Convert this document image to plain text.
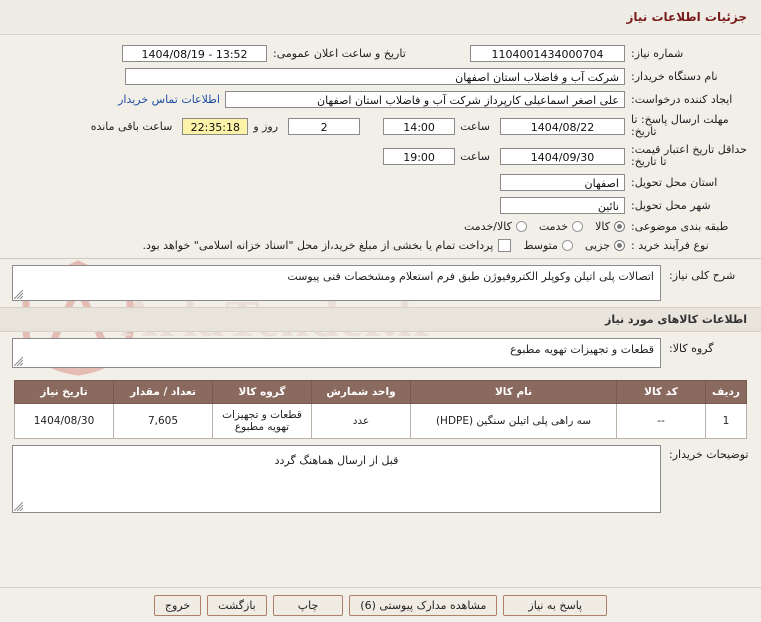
جزئیات اطلاعات نیاز
شماره نیاز:
1104001434000704
تاریخ و ساعت اعلان عمومی:
1404/08/19 - 13:52
نام دستگاه خریدار:
شرکت آب و فاضلاب استان اصفهان
ایجاد کننده درخواست:
علی اصغر اسماعیلی کارپرداز شرکت آب و فاضلاب استان اصفهان
اطلاعات تماس خریدار
مهلت ارسال پاسخ: تا تاریخ:
1404/08/22
ساعت
14:00
2
روز و
22:35:18
ساعت باقی مانده
حداقل تاریخ اعتبار قیمت: تا تاریخ:
1404/09/30
ساعت
19:00
استان محل تحویل:
اصفهان
شهر محل تحویل:
نائین
طبقه بندی موضوعی:
کالا
خدمت
کالا/خدمت
نوع فرآیند خرید :
جزیی
متوسط
پرداخت تمام یا بخشی از مبلغ خرید،از محل "اسناد خزانه اسلامی" خواهد بود.
شرح کلی نیاز:
اتصالات پلی اتیلن وکوپلر الکتروفیوژن طبق فرم استعلام ومشخصات فنی پیوست
اطلاعات کالاهای مورد نیاز
گروه کالا:
قطعات و تجهیزات تهویه مطبوع
ردیف	کد کالا	نام کالا	واحد شمارش	گروه کالا	تعداد / مقدار	تاریخ نیاز
1	--	سه راهی پلی اتیلن سنگین (HDPE)	عدد	قطعات و تجهیزات تهویه مطبوع	7,605	1404/08/30
توضیحات خریدار:
قبل از ارسال هماهنگ گردد
پاسخ به نیاز
مشاهده مدارک پیوستی (6)
چاپ
بازگشت
خروج
